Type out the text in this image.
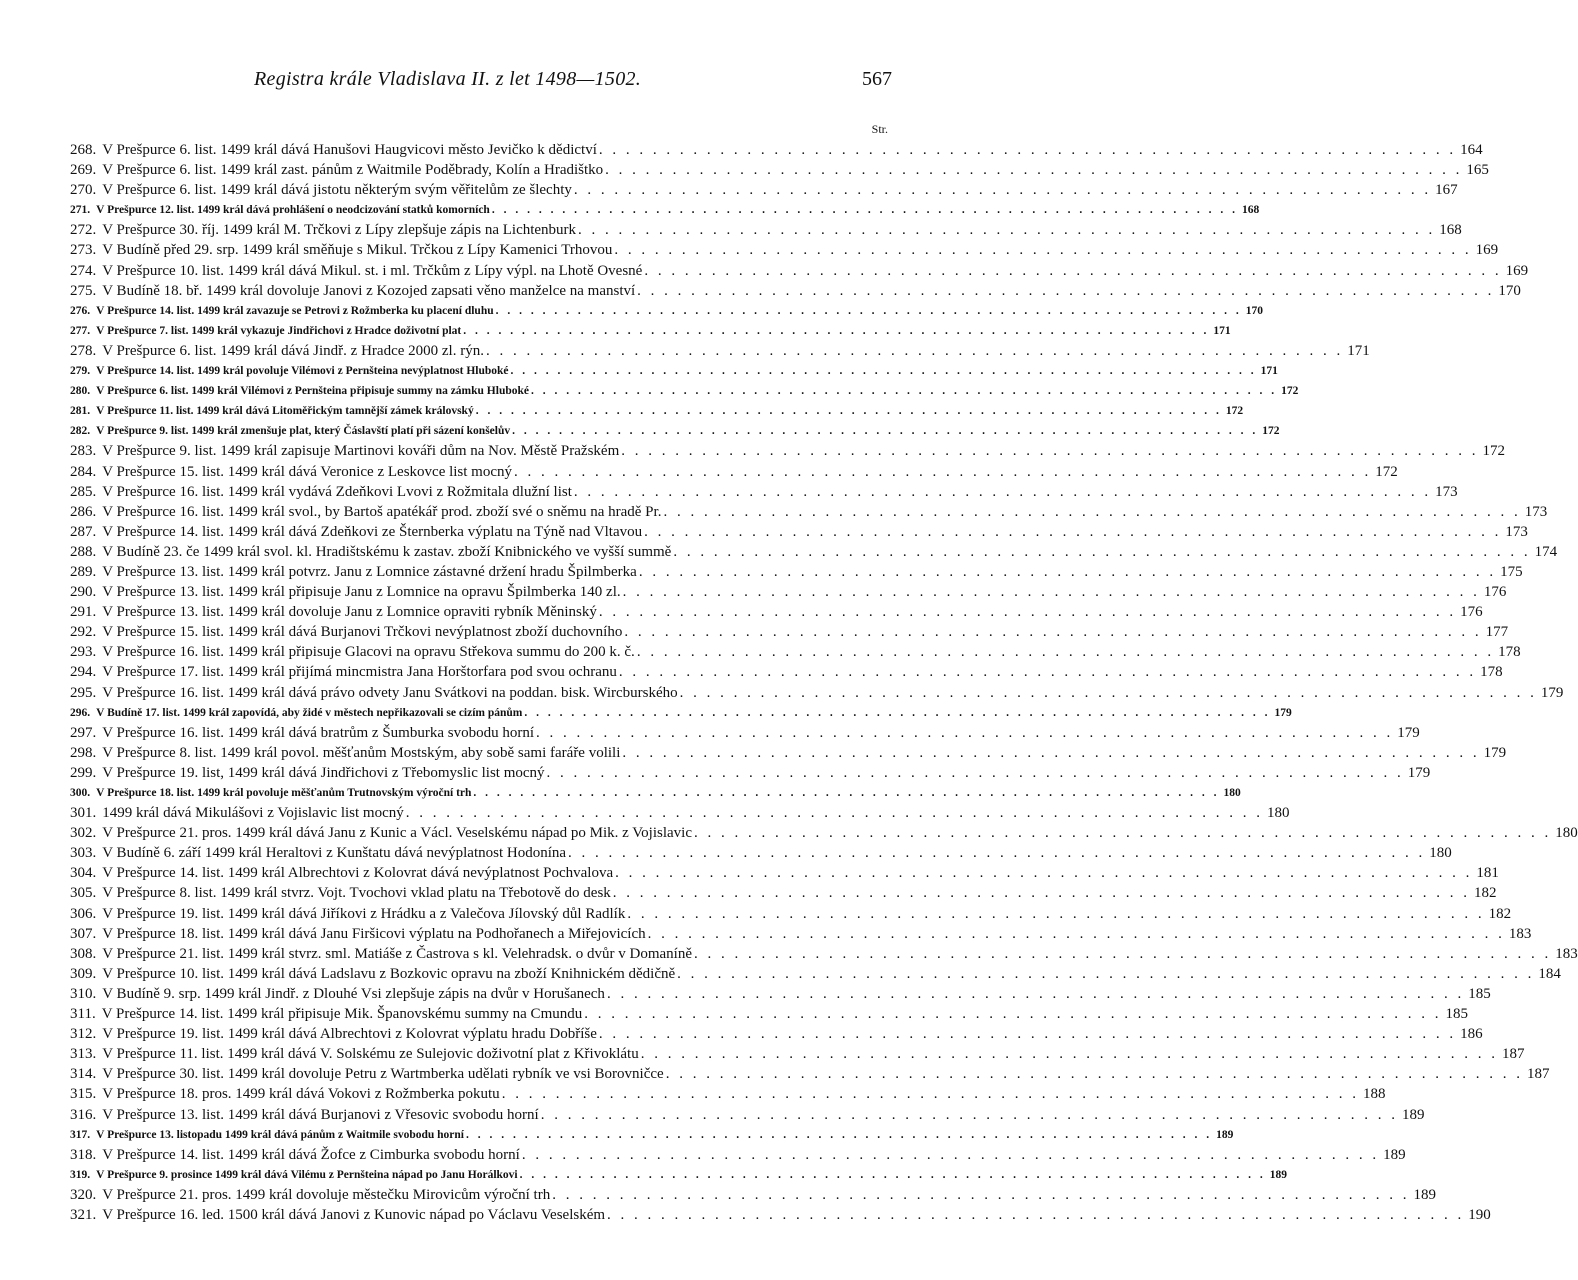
Registra krále Vladislava II. z let 1498—1502.	567
Str.
268. V Prešpurce 6. list. 1499 král dává Hanušovi Haugvicovi město Jevičko k dědictví . . .	164
269. V Prešpurce 6. list. 1499 král zast. pánům z Waitmile Poděbrady, Kolín a Hradištko . . .	165
270. V Prešpurce 6. list. 1499 král dává jistotu některým svým věřitelům ze šlechty . . .	167
271. V Prešpurce 12. list. 1499 král dává prohlášení o neodcizování statků komorních . . .	168
272. V Prešpurce 30. říj. 1499 král M. Trčkovi z Lípy zlepšuje zápis na Lichtenburk . . .	168
273. V Budíně před 29. srp. 1499 král směňuje s Mikul. Trčkou z Lípy Kamenici Trhovou . . .	169
274. V Prešpurce 10. list. 1499 král dává Mikul. st. i ml. Trčkům z Lípy výpl. na Lhotě Ovesné . . .	169
275. V Budíně 18. bř. 1499 král dovoluje Janovi z Kozojed zapsati věno manželce na manství . . .	170
276. V Prešpurce 14. list. 1499 král zavazuje se Petrovi z Rožmberka ku placení dluhu . . .	170
277. V Prešpurce 7. list. 1499 král vykazuje Jindřichovi z Hradce doživotní plat . . .	171
278. V Prešpurce 6. list. 1499 král dává Jindř. z Hradce 2000 zl. rýn. . . .	171
279. V Prešpurce 14. list. 1499 král povoluje Vilémovi z Pernšteina nevýplatnost Hluboké . . .	171
280. V Prešpurce 6. list. 1499 král Vilémovi z Pernšteina připisuje summy na zámku Hluboké . . .	172
281. V Prešpurce 11. list. 1499 král dává Litoměřickým tamnější zámek královský . . .	172
282. V Prešpurce 9. list. 1499 král zmenšuje plat, který Čáslavští platí při sázení konšelův . . .	172
283. V Prešpurce 9. list. 1499 král zapisuje Martinovi kováři dům na Nov. Městě Pražském . . .	172
284. V Prešpurce 15. list. 1499 král dává Veronice z Leskovce list mocný . . .	172
285. V Prešpurce 16. list. 1499 král vydává Zdeňkovi Lvovi z Rožmitala dlužní list . . .	173
286. V Prešpurce 16. list. 1499 král svol., by Bartoš apatékář prod. zboží své o sněmu na hradě Pr. . . .	173
287. V Prešpurce 14. list. 1499 král dává Zdeňkovi ze Šternberka výplatu na Týně nad Vltavou . . .	173
288. V Budíně 23. če 1499 král svol. kl. Hradištskému k zastav. zboží Knibnického ve vyšší summě . . .	174
289. V Prešpurce 13. list. 1499 král potvrz. Janu z Lomnice zástavné držení hradu Špilmberka . . .	175
290. V Prešpurce 13. list. 1499 král připisuje Janu z Lomnice na opravu Špilmberka 140 zl. . . .	176
291. V Prešpurce 13. list. 1499 král dovoluje Janu z Lomnice opraviti rybník Měninský . . .	176
292. V Prešpurce 15. list. 1499 král dává Burjanovi Trčkovi nevýplatnost zboží duchovního . . .	177
293. V Prešpurce 16. list. 1499 král připisuje Glacovi na opravu Střekova summu do 200 k. č. . . .	178
294. V Prešpurce 17. list. 1499 král přijímá mincmistra Jana Horštorfara pod svou ochranu . . .	178
295. V Prešpurce 16. list. 1499 král dává právo odvety Janu Svátkovi na poddan. bisk. Wircburského . . .	179
296. V Budíně 17. list. 1499 král zapovídá, aby židé v městech nepřikazovali se cizím pánům . . .	179
297. V Prešpurce 16. list. 1499 král dává bratrům z Šumburka svobodu horní . . .	179
298. V Prešpurce 8. list. 1499 král povol. měšťanům Mostským, aby sobě sami faráře volili . . .	179
299. V Prešpurce 19. list, 1499 král dává Jindřichovi z Třebomyslic list mocný . . .	179
300. V Prešpurce 18. list. 1499 král povoluje měšťanům Trutnovským výroční trh . . .	180
301. 1499 král dává Mikulášovi z Vojislavic list mocný . . .	180
302. V Prešpurce 21. pros. 1499 král dává Janu z Kunic a Václ. Veselskému nápad po Mik. z Vojislavic . . .	180
303. V Budíně 6. září 1499 král Heraltovi z Kunštatu dává nevýplatnost Hodonína . . .	180
304. V Prešpurce 14. list. 1499 král Albrechtovi z Kolovrat dává nevýplatnost Pochvalova . . .	181
305. V Prešpurce 8. list. 1499 král stvrz. Vojt. Tvochovi vklad platu na Třebotově do desk . . .	182
306. V Prešpurce 19. list. 1499 král dává Jiříkovi z Hrádku a z Valečova Jílovský důl Radlík . . .	182
307. V Prešpurce 18. list. 1499 král dává Janu Firšicovi výplatu na Podhořanech a Miřejovicích . . .	183
308. V Prešpurce 21. list. 1499 král stvrz. sml. Matiáše z Častrova s kl. Velehradsk. o dvůr v Domaníně . . .	183
309. V Prešpurce 10. list. 1499 král dává Ladslavu z Bozkovic opravu na zboží Knihnickém dědičně . . .	184
310. V Budíně 9. srp. 1499 král Jindř. z Dlouhé Vsi zlepšuje zápis na dvůr v Horušanech . . .	185
311. V Prešpurce 14. list. 1499 král připisuje Mik. Španovskému summy na Cmundu . . .	185
312. V Prešpurce 19. list. 1499 král dává Albrechtovi z Kolovrat výplatu hradu Dobříše . . .	186
313. V Prešpurce 11. list. 1499 král dává V. Solskému ze Sulejovic doživotní plat z Křivoklátu . . .	187
314. V Prešpurce 30. list. 1499 král dovoluje Petru z Wartmberka udělati rybník ve vsi Borovničce . . .	187
315. V Prešpurce 18. pros. 1499 král dává Vokovi z Rožmberka pokutu . . .	188
316. V Prešpurce 13. list. 1499 král dává Burjanovi z Vřesovic svobodu horní . . .	189
317. V Prešpurce 13. listopadu 1499 král dává pánům z Waitmile svobodu horní . . .	189
318. V Prešpurce 14. list. 1499 král dává Žofce z Cimburka svobodu horní . . .	189
319. V Prešpurce 9. prosince 1499 král dává Vilému z Pernšteina nápad po Janu Horálkovi . . .	189
320. V Prešpurce 21. pros. 1499 král dovoluje městečku Mirovicům výroční trh . . .	189
321. V Prešpurce 16. led. 1500 král dává Janovi z Kunovic nápad po Václavu Veselském . . .	190
